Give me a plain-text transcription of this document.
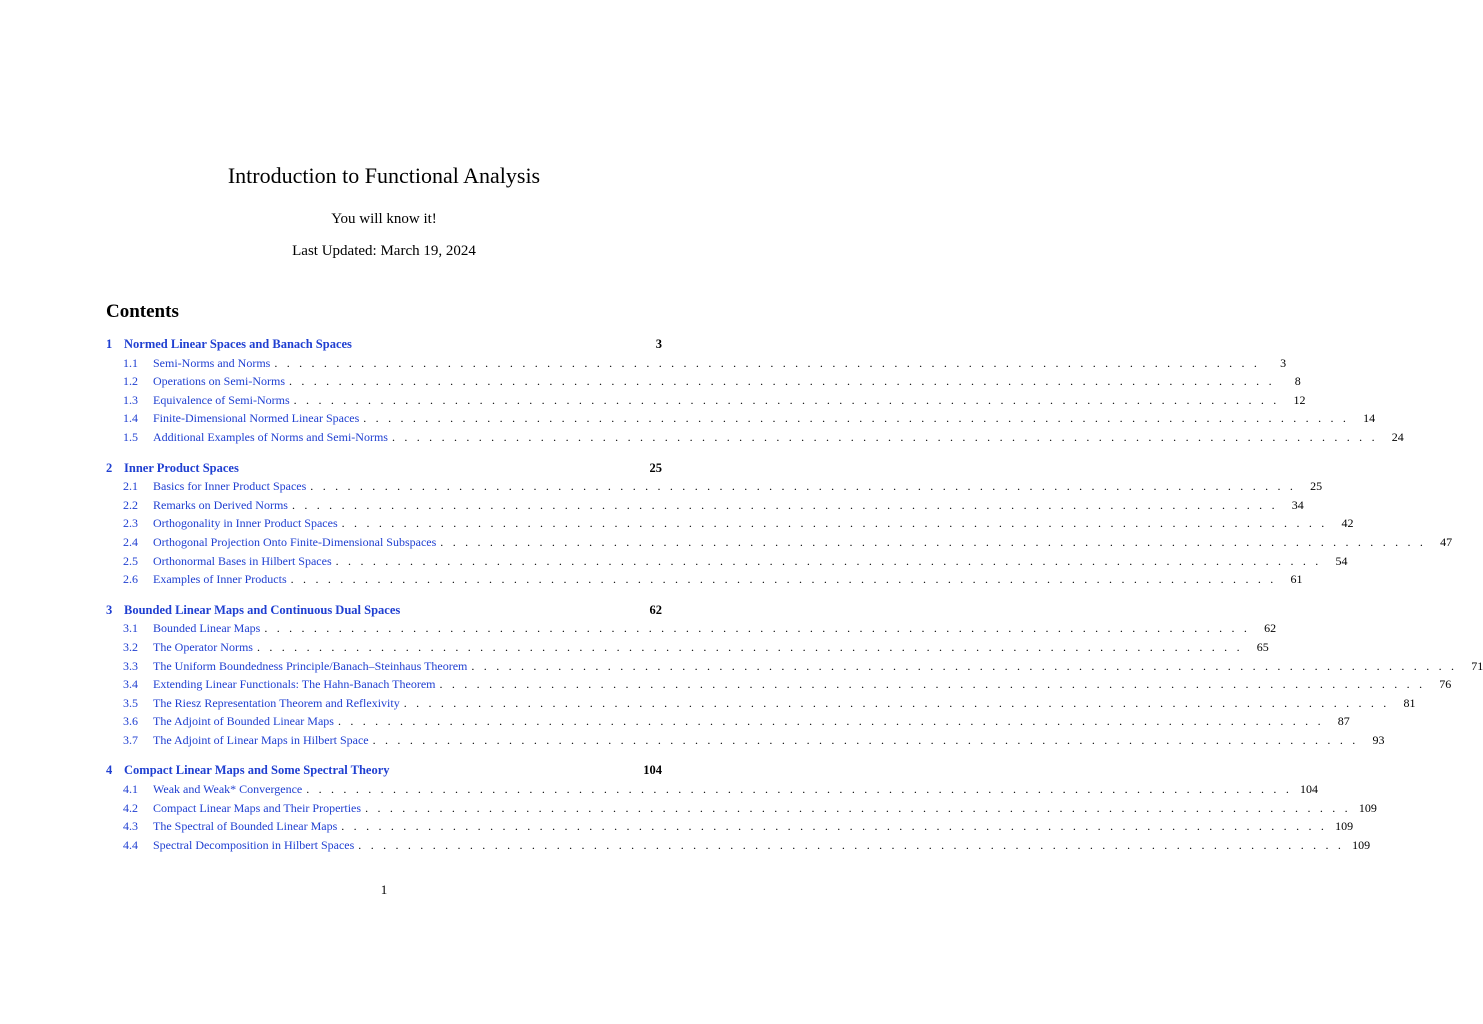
Introduction to Functional Analysis
You will know it!
Last Updated: March 19, 2024
Contents
1 Normed Linear Spaces and Banach Spaces	3
1.1	Semi-Norms and Norms . . . . . . . . . . . . . . . . . . . . . . . . . . . . . . . . . . . . . . . . . . . . . . . . . . . . . . . . . . . . . . . . . . . . . . . . . . . . . . . .	3
1.2	Operations on Semi-Norms . . . . . . . . . . . . . . . . . . . . . . . . . . . . . . . . . . . . . . . . . . . . . . . . . . . . . . . . . . . . . . . . . . . . . . . . . . . . . . . .	8
1.3	Equivalence of Semi-Norms . . . . . . . . . . . . . . . . . . . . . . . . . . . . . . . . . . . . . . . . . . . . . . . . . . . . . . . . . . . . . . . . . . . . . . . . . . . . . . . .	12
1.4	Finite-Dimensional Normed Linear Spaces . . . . . . . . . . . . . . . . . . . . . . . . . . . . . . . . . . . . . . . . . . . . . . . . . . . . . . . . . . . . . . . . . . . . . . . . . . . . . . . .	14
1.5	Additional Examples of Norms and Semi-Norms . . . . . . . . . . . . . . . . . . . . . . . . . . . . . . . . . . . . . . . . . . . . . . . . . . . . . . . . . . . . . . . . . . . . . . . . . . . . . . . .	24
2 Inner Product Spaces	25
2.1	Basics for Inner Product Spaces . . . . . . . . . . . . . . . . . . . . . . . . . . . . . . . . . . . . . . . . . . . . . . . . . . . . . . . . . . . . . . . . . . . . . . . . . . . . . . . .	25
2.2	Remarks on Derived Norms . . . . . . . . . . . . . . . . . . . . . . . . . . . . . . . . . . . . . . . . . . . . . . . . . . . . . . . . . . . . . . . . . . . . . . . . . . . . . . . .	34
2.3	Orthogonality in Inner Product Spaces . . . . . . . . . . . . . . . . . . . . . . . . . . . . . . . . . . . . . . . . . . . . . . . . . . . . . . . . . . . . . . . . . . . . . . . . . . . . . . . .	42
2.4	Orthogonal Projection Onto Finite-Dimensional Subspaces . . . . . . . . . . . . . . . . . . . . . . . . . . . . . . . . . . . . . . . . . . . . . . . . . . . . . . . . . . . . . . . . . . . . . . . . . . . . . . . .	47
2.5	Orthonormal Bases in Hilbert Spaces . . . . . . . . . . . . . . . . . . . . . . . . . . . . . . . . . . . . . . . . . . . . . . . . . . . . . . . . . . . . . . . . . . . . . . . . . . . . . . . .	54
2.6	Examples of Inner Products . . . . . . . . . . . . . . . . . . . . . . . . . . . . . . . . . . . . . . . . . . . . . . . . . . . . . . . . . . . . . . . . . . . . . . . . . . . . . . . .	61
3 Bounded Linear Maps and Continuous Dual Spaces	62
3.1	Bounded Linear Maps . . . . . . . . . . . . . . . . . . . . . . . . . . . . . . . . . . . . . . . . . . . . . . . . . . . . . . . . . . . . . . . . . . . . . . . . . . . . . . . .	62
3.2	The Operator Norms . . . . . . . . . . . . . . . . . . . . . . . . . . . . . . . . . . . . . . . . . . . . . . . . . . . . . . . . . . . . . . . . . . . . . . . . . . . . . . . .	65
3.3	The Uniform Boundedness Principle/Banach–Steinhaus Theorem . . . . . . . . . . . . . . . . . . . . . . . . . . . . . . . . . . . . . . . . . . . . . . . . . . . . . . . . . . . . . . . . . . . . . . . . . . . . . . . .	71
3.4	Extending Linear Functionals: The Hahn-Banach Theorem . . . . . . . . . . . . . . . . . . . . . . . . . . . . . . . . . . . . . . . . . . . . . . . . . . . . . . . . . . . . . . . . . . . . . . . . . . . . . . . .	76
3.5	The Riesz Representation Theorem and Reflexivity . . . . . . . . . . . . . . . . . . . . . . . . . . . . . . . . . . . . . . . . . . . . . . . . . . . . . . . . . . . . . . . . . . . . . . . . . . . . . . . .	81
3.6	The Adjoint of Bounded Linear Maps . . . . . . . . . . . . . . . . . . . . . . . . . . . . . . . . . . . . . . . . . . . . . . . . . . . . . . . . . . . . . . . . . . . . . . . . . . . . . . . .	87
3.7	The Adjoint of Linear Maps in Hilbert Space . . . . . . . . . . . . . . . . . . . . . . . . . . . . . . . . . . . . . . . . . . . . . . . . . . . . . . . . . . . . . . . . . . . . . . . . . . . . . . . .	93
4 Compact Linear Maps and Some Spectral Theory	104
4.1	Weak and Weak* Convergence . . . . . . . . . . . . . . . . . . . . . . . . . . . . . . . . . . . . . . . . . . . . . . . . . . . . . . . . . . . . . . . . . . . . . . . . . . . . . . . . 104
4.2	Compact Linear Maps and Their Properties . . . . . . . . . . . . . . . . . . . . . . . . . . . . . . . . . . . . . . . . . . . . . . . . . . . . . . . . . . . . . . . . . . . . . . . . . . . . . . . . 109
4.3	The Spectral of Bounded Linear Maps . . . . . . . . . . . . . . . . . . . . . . . . . . . . . . . . . . . . . . . . . . . . . . . . . . . . . . . . . . . . . . . . . . . . . . . . . . . . . . . . 109
4.4	Spectral Decomposition in Hilbert Spaces . . . . . . . . . . . . . . . . . . . . . . . . . . . . . . . . . . . . . . . . . . . . . . . . . . . . . . . . . . . . . . . . . . . . . . . . . . . . . . . . 109
1
